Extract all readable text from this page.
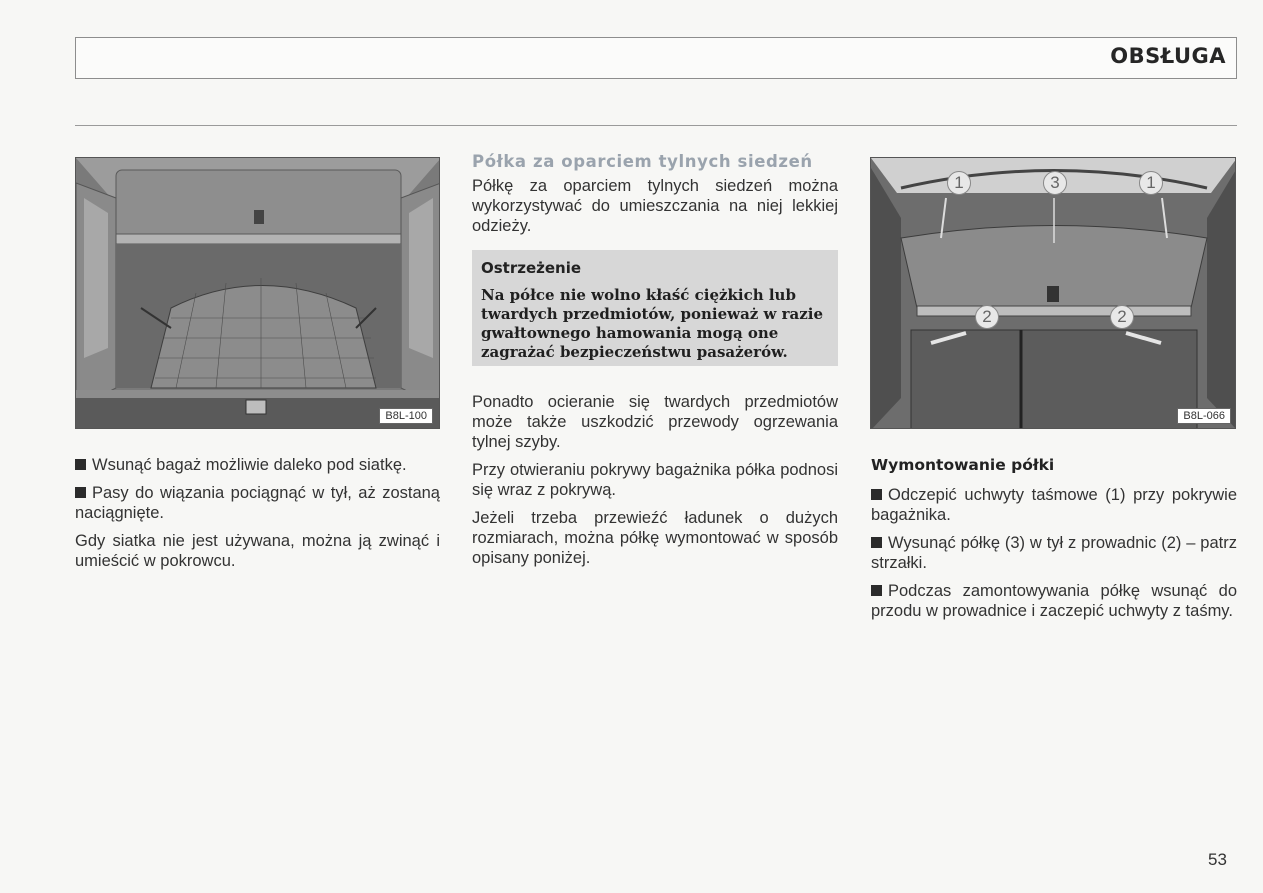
OBSŁUGA
B8L-100
1	3	1
2	2
B8L-066

Wsunąć bagaż możliwie daleko pod siatkę.

Pasy do wiązania pociągnąć w tył, aż zostaną naciągnięte.

Gdy siatka nie jest używana, można ją zwinąć i umieścić w pokrowcu.

Półka za oparciem tylnych siedzeń

Półkę za oparciem tylnych siedzeń można wykorzystywać do umieszczania na niej lekkiej odzieży.

Ostrzeżenie
Na półce nie wolno kłaść ciężkich lub twardych przedmiotów, ponieważ w razie gwałtownego hamowania mogą one zagrażać bezpieczeństwu pasażerów.

Ponadto ocieranie się twardych przedmiotów może także uszkodzić przewody ogrzewania tylnej szyby.

Przy otwieraniu pokrywy bagażnika półka podnosi się wraz z pokrywą.

Jeżeli trzeba przewieźć ładunek o dużych rozmiarach, można półkę wymontować w sposób opisany poniżej.

Wymontowanie półki

Odczepić uchwyty taśmowe (1) przy pokrywie bagażnika.

Wysunąć półkę (3) w tył z prowadnic (2) – patrz strzałki.

Podczas zamontowywania półkę wsunąć do przodu w prowadnice i zaczepić uchwyty z taśmy.

53
